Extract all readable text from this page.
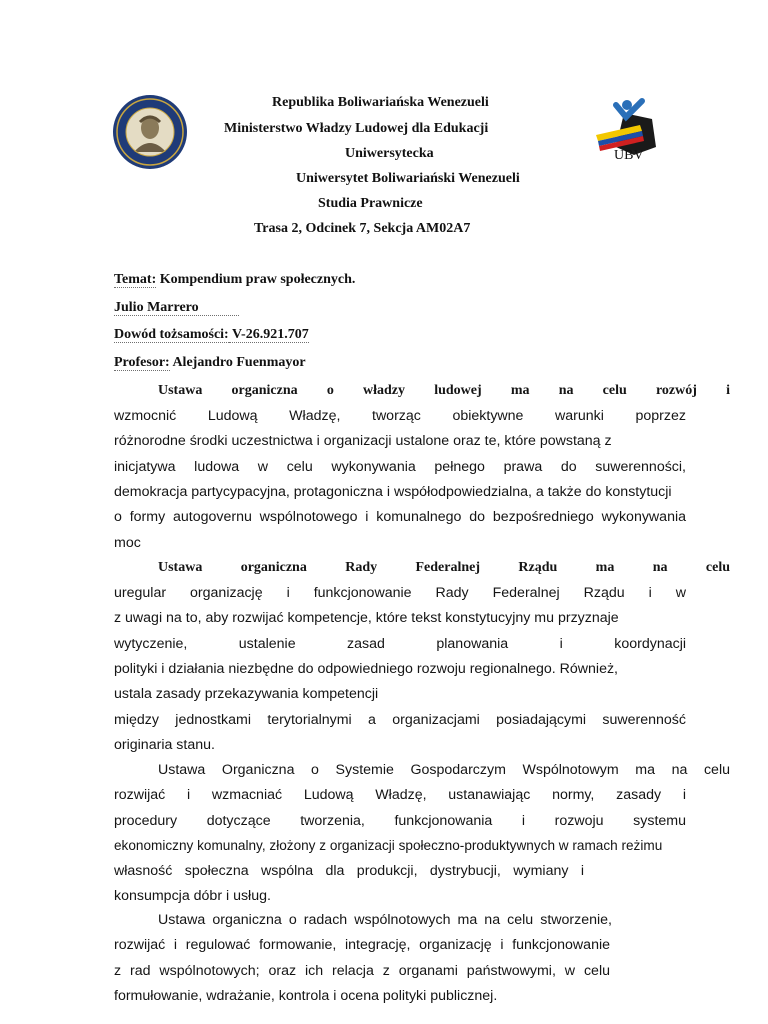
UBV
Republika Boliwariańska Wenezueli
Ministerstwo Władzy Ludowej dla Edukacji
Uniwersytecka
Uniwersytet Boliwariański Wenezueli
Studia Prawnicze
Trasa 2, Odcinek 7, Sekcja AM02A7
Temat: Kompendium praw społecznych.
Julio Marrero
Dowód tożsamości: V-26.921.707
Profesor: Alejandro Fuenmayor
Ustawa organiczna o władzy ludowej ma na celu rozwój i
wzmocnić Ludową Władzę, tworząc obiektywne warunki poprzez
różnorodne środki uczestnictwa i organizacji ustalone oraz te, które powstaną z
inicjatywa ludowa w celu wykonywania pełnego prawa do suwerenności,
demokracja partycypacyjna, protagoniczna i współodpowiedzialna, a także do konstytucji
o formy autogovernu wspólnotowego i komunalnego do bezpośredniego wykonywania
moc
Ustawa organiczna Rady Federalnej Rządu ma na celu
uregular organizację i funkcjonowanie Rady Federalnej Rządu i w
z uwagi na to, aby rozwijać kompetencje, które tekst konstytucyjny mu przyznaje
wytyczenie, ustalenie zasad planowania i koordynacji
polityki i działania niezbędne do odpowiedniego rozwoju regionalnego. Również,
ustala zasady przekazywania kompetencji
między jednostkami terytorialnymi a organizacjami posiadającymi suwerenność
originaria stanu.
Ustawa Organiczna o Systemie Gospodarczym Wspólnotowym ma na celu
rozwijać i wzmacniać Ludową Władzę, ustanawiając normy, zasady i
procedury dotyczące tworzenia, funkcjonowania i rozwoju systemu
ekonomiczny komunalny, złożony z organizacji społeczno-produktywnych w ramach reżimu
własność społeczna wspólna dla produkcji, dystrybucji, wymiany i
konsumpcja dóbr i usług.
Ustawa organiczna o radach wspólnotowych ma na celu stworzenie,
rozwijać i regulować formowanie, integrację, organizację i funkcjonowanie
z rad wspólnotowych; oraz ich relacja z organami państwowymi, w celu
formułowanie, wdrażanie, kontrola i ocena polityki publicznej.
